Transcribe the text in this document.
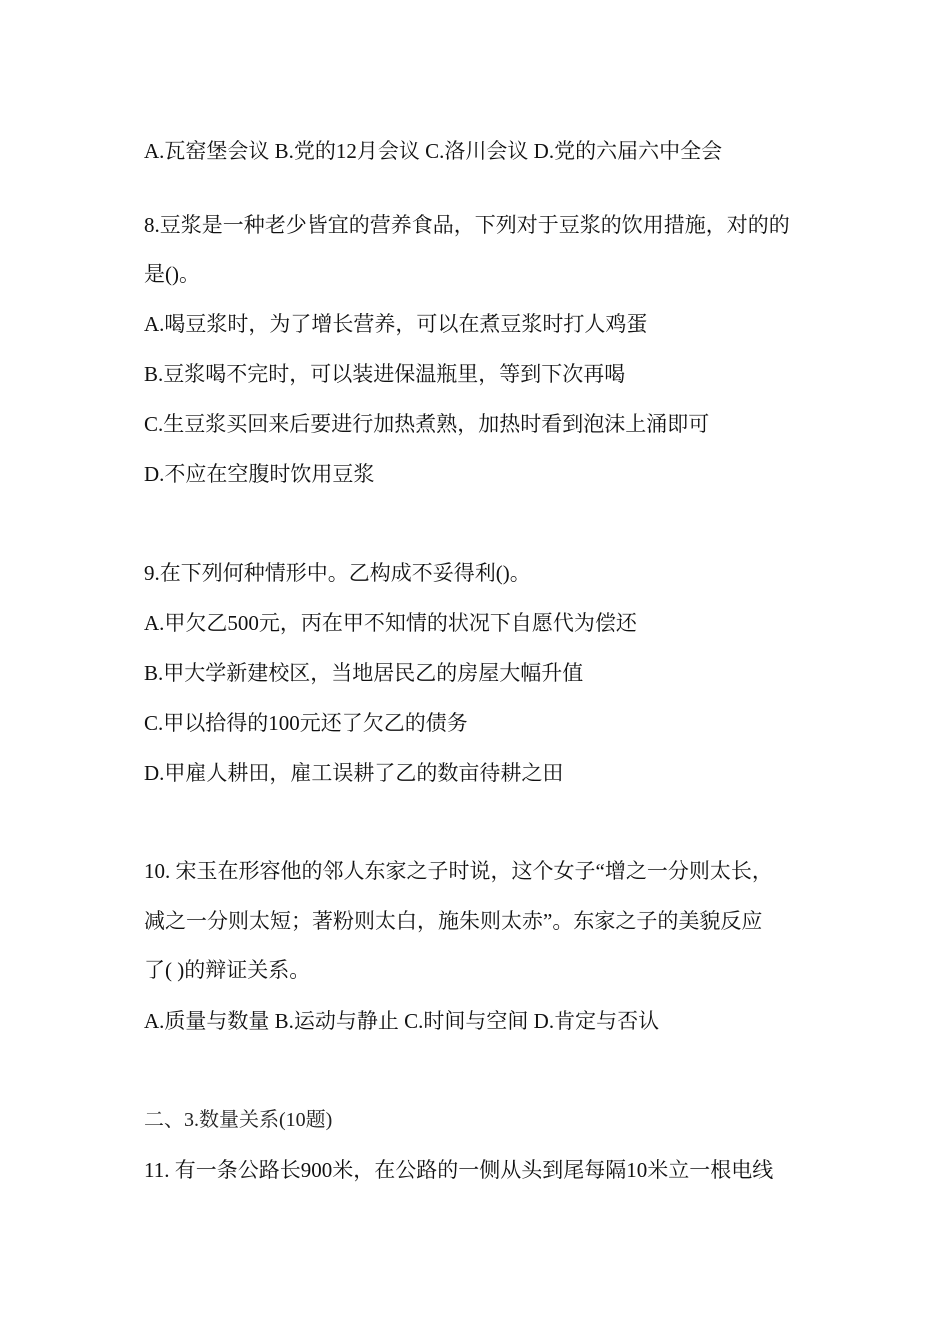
A.瓦窑堡会议 B.党的12月会议 C.洛川会议 D.党的六届六中全会
8.豆浆是一种老少皆宜的营养食品，下列对于豆浆的饮用措施，对的的
是()。
A.喝豆浆时，为了增长营养，可以在煮豆浆时打人鸡蛋
B.豆浆喝不完时，可以装进保温瓶里，等到下次再喝
C.生豆浆买回来后要进行加热煮熟，加热时看到泡沫上涌即可
D.不应在空腹时饮用豆浆
9.在下列何种情形中。乙构成不妥得利()。
A.甲欠乙500元，丙在甲不知情的状况下自愿代为偿还
B.甲大学新建校区，当地居民乙的房屋大幅升值
C.甲以拾得的100元还了欠乙的债务
D.甲雇人耕田，雇工误耕了乙的数亩待耕之田
10. 宋玉在形容他的邻人东家之子时说，这个女子“增之一分则太长，
减之一分则太短；著粉则太白，施朱则太赤”。东家之子的美貌反应
了( )的辩证关系。
A.质量与数量 B.运动与静止 C.时间与空间 D.肯定与否认
二、3.数量关系(10题)
11. 有一条公路长900米，在公路的一侧从头到尾每隔10米立一根电线
